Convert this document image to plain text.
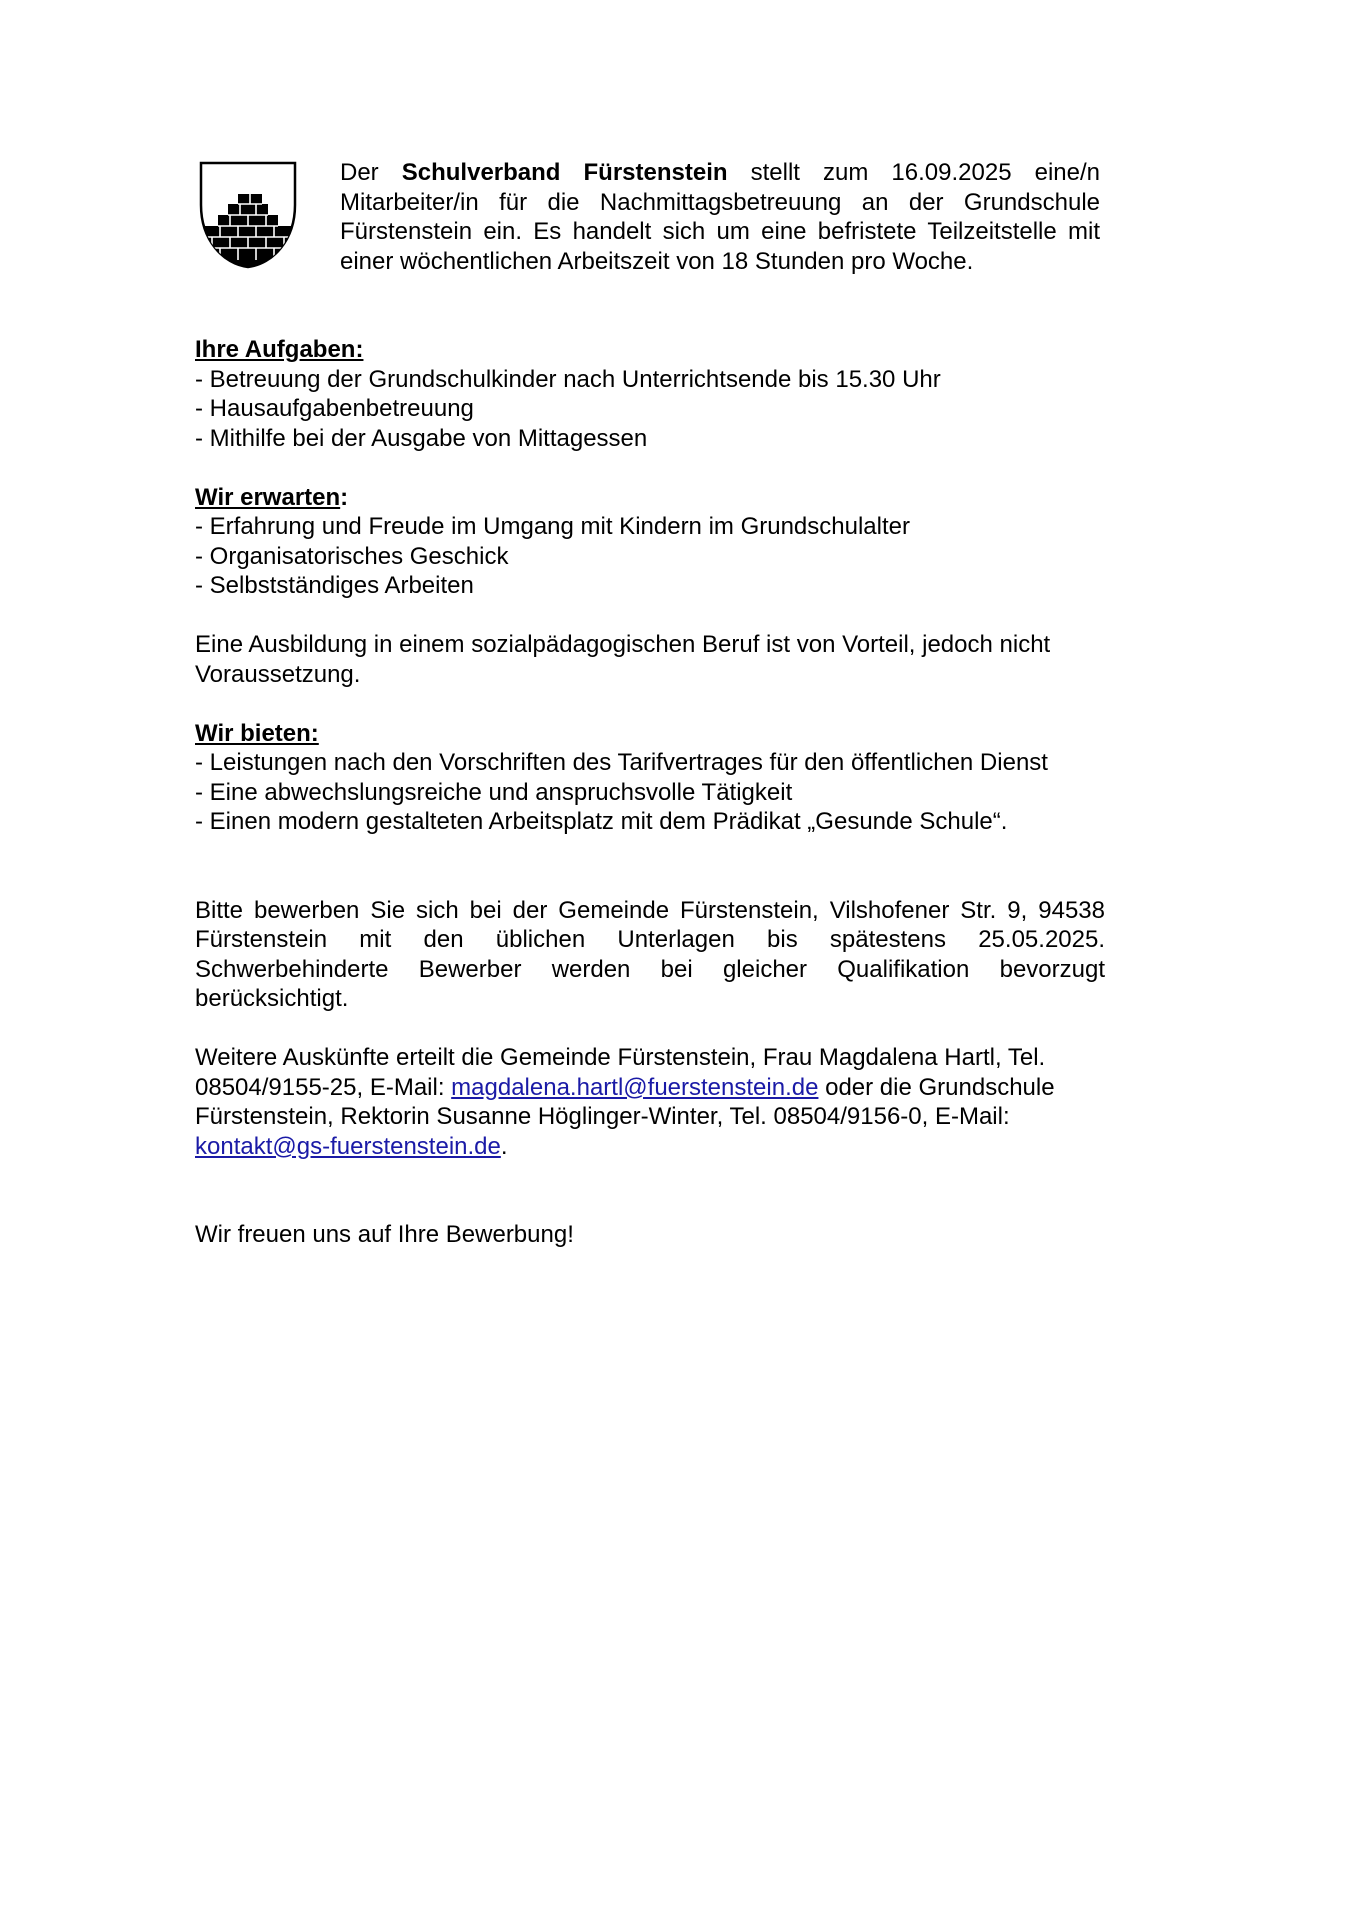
Der Schulverband Fürstenstein stellt zum 16.09.2025 eine/n Mitarbeiter/in für die Nachmittagsbetreuung an der Grundschule Fürstenstein ein. Es handelt sich um eine befristete Teilzeitstelle mit einer wöchentlichen Arbeitszeit von 18 Stunden pro Woche.

Ihre Aufgaben:

- Betreuung der Grundschulkinder nach Unterrichtsende bis 15.30 Uhr
- Hausaufgabenbetreuung
- Mithilfe bei der Ausgabe von Mittagessen

Wir erwarten:

- Erfahrung und Freude im Umgang mit Kindern im Grundschulalter
- Organisatorisches Geschick
- Selbstständiges Arbeiten

Eine Ausbildung in einem sozialpädagogischen Beruf ist von Vorteil, jedoch nicht Voraussetzung.

Wir bieten:

- Leistungen nach den Vorschriften des Tarifvertrages für den öffentlichen Dienst
- Eine abwechslungsreiche und anspruchsvolle Tätigkeit
- Einen modern gestalteten Arbeitsplatz mit dem Prädikat „Gesunde Schule“.

Bitte bewerben Sie sich bei der Gemeinde Fürstenstein, Vilshofener Str. 9, 94538 Fürstenstein mit den üblichen Unterlagen bis spätestens 25.05.2025. Schwerbehinderte Bewerber werden bei gleicher Qualifikation bevorzugt berücksichtigt.

Weitere Auskünfte erteilt die Gemeinde Fürstenstein, Frau Magdalena Hartl, Tel. 08504/9155-25, E-Mail: magdalena.hartl@fuerstenstein.de oder die Grundschule Fürstenstein, Rektorin Susanne Höglinger-Winter, Tel. 08504/9156-0, E-Mail: kontakt@gs-fuerstenstein.de.

Wir freuen uns auf Ihre Bewerbung!
